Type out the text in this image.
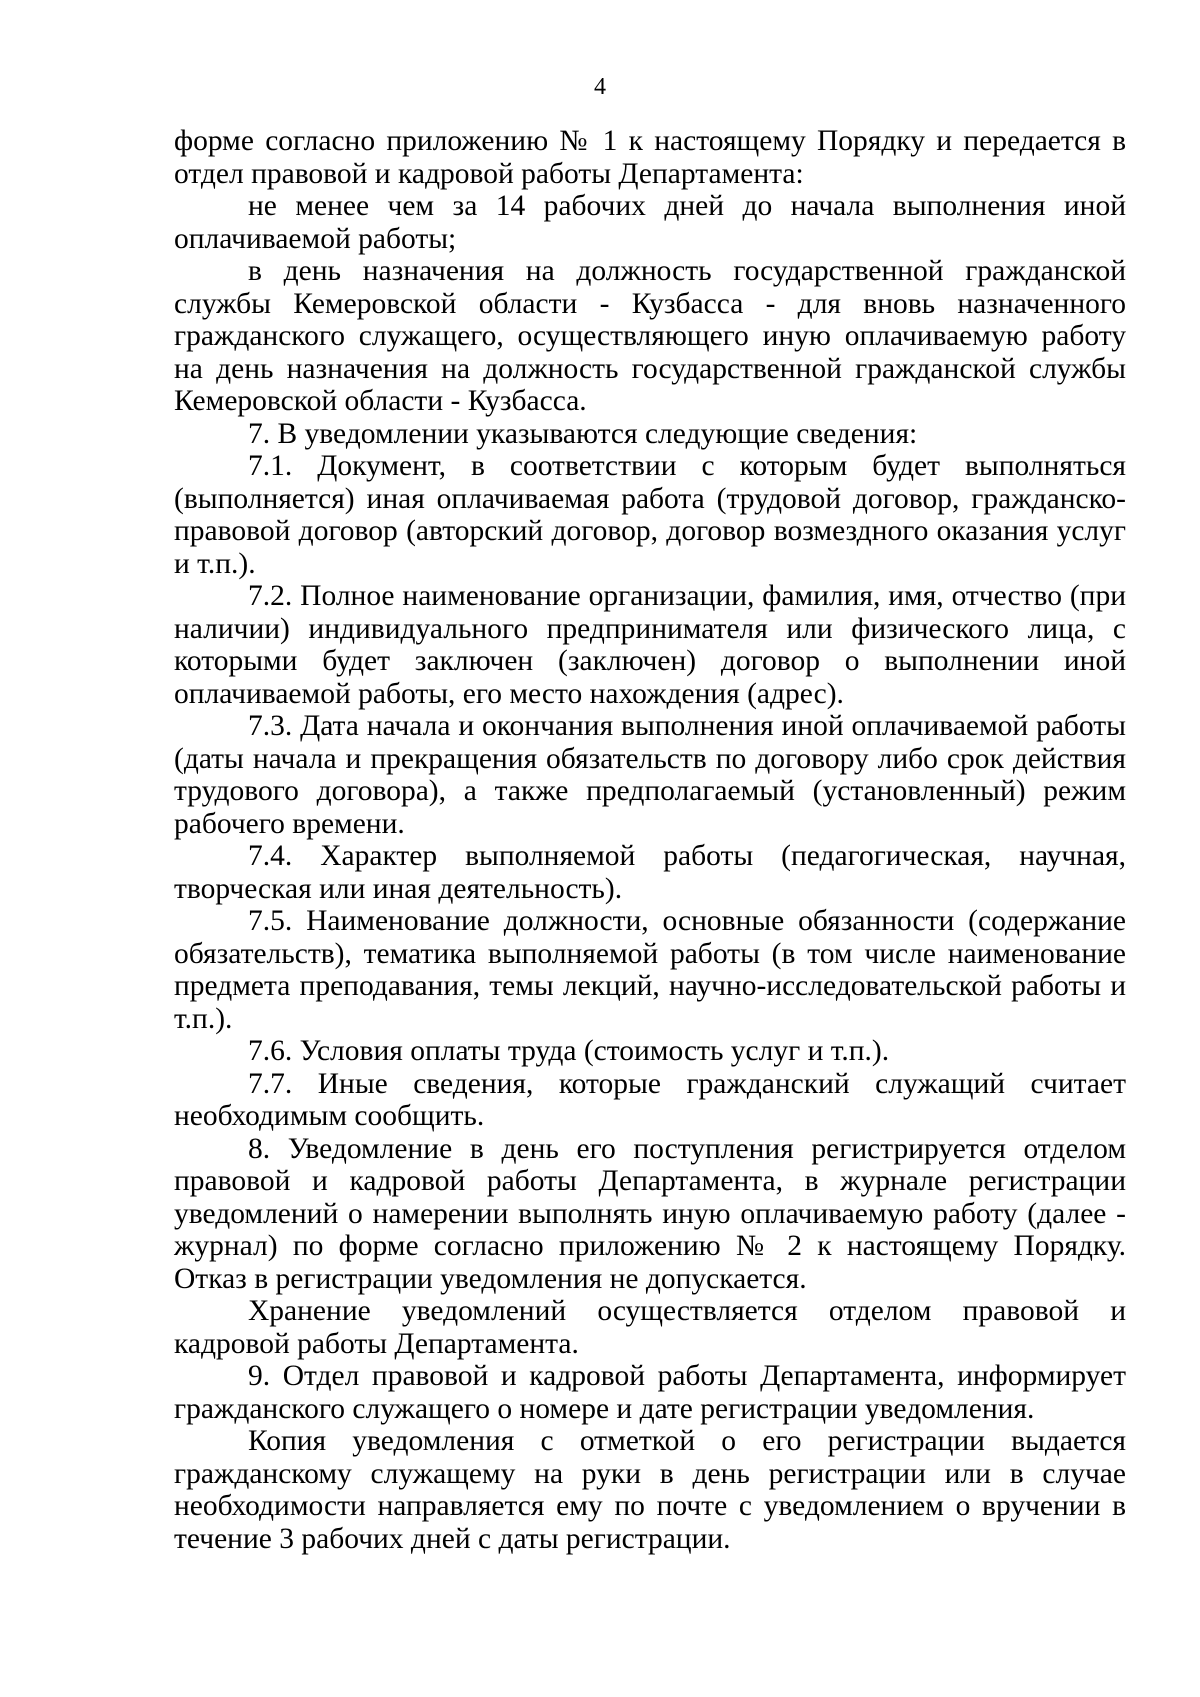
4

форме согласно приложению № 1 к настоящему Порядку и передается в отдел правовой и кадровой работы Департамента:

не менее чем за 14 рабочих дней до начала выполнения иной оплачиваемой работы;

в день назначения на должность государственной гражданской службы Кемеровской области - Кузбасса - для вновь назначенного гражданского служащего, осуществляющего иную оплачиваемую работу на день назначения на должность государственной гражданской службы Кемеровской области - Кузбасса.

7. В уведомлении указываются следующие сведения:

7.1. Документ, в соответствии с которым будет выполняться (выполняется) иная оплачиваемая работа (трудовой договор, гражданско-правовой договор (авторский договор, договор возмездного оказания услуг и т.п.).

7.2. Полное наименование организации, фамилия, имя, отчество (при наличии) индивидуального предпринимателя или физического лица, с которыми будет заключен (заключен) договор о выполнении иной оплачиваемой работы, его место нахождения (адрес).

7.3. Дата начала и окончания выполнения иной оплачиваемой работы (даты начала и прекращения обязательств по договору либо срок действия трудового договора), а также предполагаемый (установленный) режим рабочего времени.

7.4. Характер выполняемой работы (педагогическая, научная, творческая или иная деятельность).

7.5. Наименование должности, основные обязанности (содержание обязательств), тематика выполняемой работы (в том числе наименование предмета преподавания, темы лекций, научно-исследовательской работы и т.п.).

7.6. Условия оплаты труда (стоимость услуг и т.п.).

7.7. Иные сведения, которые гражданский служащий считает необходимым сообщить.

8. Уведомление в день его поступления регистрируется отделом правовой и кадровой работы Департамента, в журнале регистрации уведомлений о намерении выполнять иную оплачиваемую работу (далее - журнал) по форме согласно приложению № 2 к настоящему Порядку. Отказ в регистрации уведомления не допускается.

Хранение уведомлений осуществляется отделом правовой и кадровой работы Департамента.

9. Отдел правовой и кадровой работы Департамента, информирует гражданского служащего о номере и дате регистрации уведомления.

Копия уведомления с отметкой о его регистрации выдается гражданскому служащему на руки в день регистрации или в случае необходимости направляется ему по почте с уведомлением о вручении в течение 3 рабочих дней с даты регистрации.
